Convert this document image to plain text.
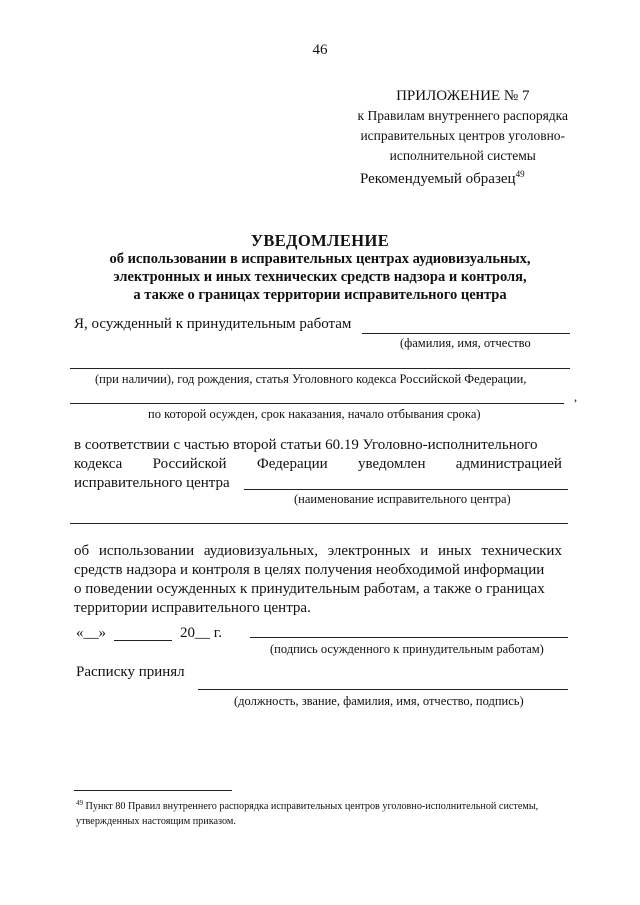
46
ПРИЛОЖЕНИЕ № 7
к Правилам внутреннего распорядка
исправительных центров уголовно-
исполнительной системы
Рекомендуемый образец$^{49}$
УВЕДОМЛЕНИЕ
об использовании в исправительных центрах аудиовизуальных,
электронных и иных технических средств надзора и контроля,
а также о границах территории исправительного центра
Я, осужденный к принудительным работам
(фамилия, имя, отчество
(при наличии), год рождения, статья Уголовного кодекса Российской Федерации,
,
по которой осужден, срок наказания, начало отбывания срока)
в соответствии с частью второй статьи 60.19 Уголовно-исполнительного
кодекса Российской Федерации уведомлен администрацией
исправительного центра
(наименование исправительного центра)
об использовании аудиовизуальных, электронных и иных технических
средств надзора и контроля в целях получения необходимой информации
о поведении осужденных к принудительным работам, а также о границах
территории исправительного центра.
«__»	20__ г.
(подпись осужденного к принудительным работам)
Расписку принял
(должность, звание, фамилия, имя, отчество, подпись)
$^{49}$ Пункт 80 Правил внутреннего распорядка исправительных центров уголовно-исполнительной системы,
утвержденных настоящим приказом.
